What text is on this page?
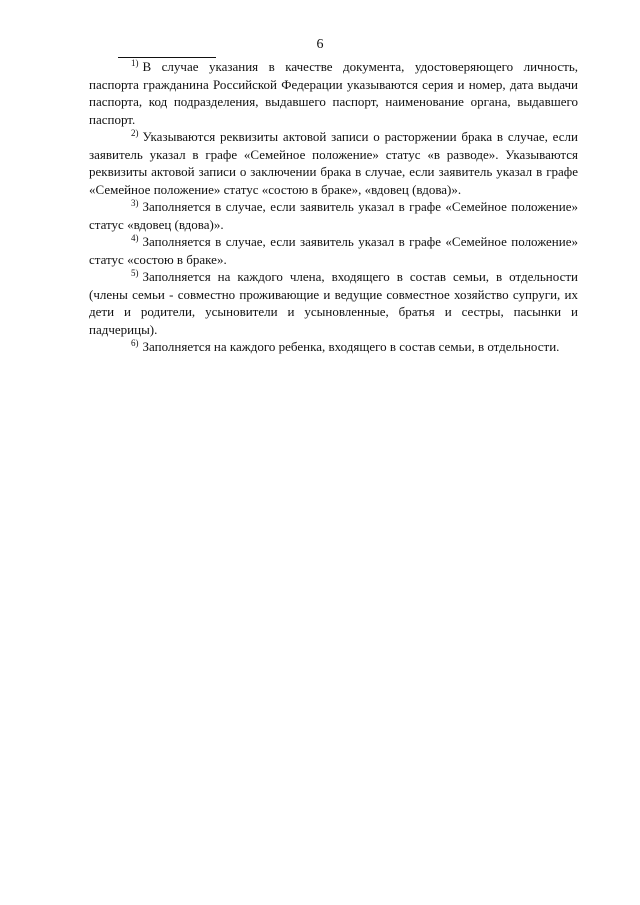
6

$^{1)}$ В случае указания в качестве документа, удостоверяющего личность, паспорта гражданина Российской Федерации указываются серия и номер, дата выдачи паспорта, код подразделения, выдавшего паспорт, наименование органа, выдавшего паспорт.

$^{2)}$ Указываются реквизиты актовой записи о расторжении брака в случае, если заявитель указал в графе «Семейное положение» статус «в разводе». Указываются реквизиты актовой записи о заключении брака в случае, если заявитель указал в графе «Семейное положение» статус «состою в браке», «вдовец (вдова)».

$^{3)}$ Заполняется в случае, если заявитель указал в графе «Семейное положение» статус «вдовец (вдова)».

$^{4)}$ Заполняется в случае, если заявитель указал в графе «Семейное положение» статус «состою в браке».

$^{5)}$ Заполняется на каждого члена, входящего в состав семьи, в отдельности (члены семьи - совместно проживающие и ведущие совместное хозяйство супруги, их дети и родители, усыновители и усыновленные, братья и сестры, пасынки и падчерицы).

$^{6)}$ Заполняется на каждого ребенка, входящего в состав семьи, в отдельности.
